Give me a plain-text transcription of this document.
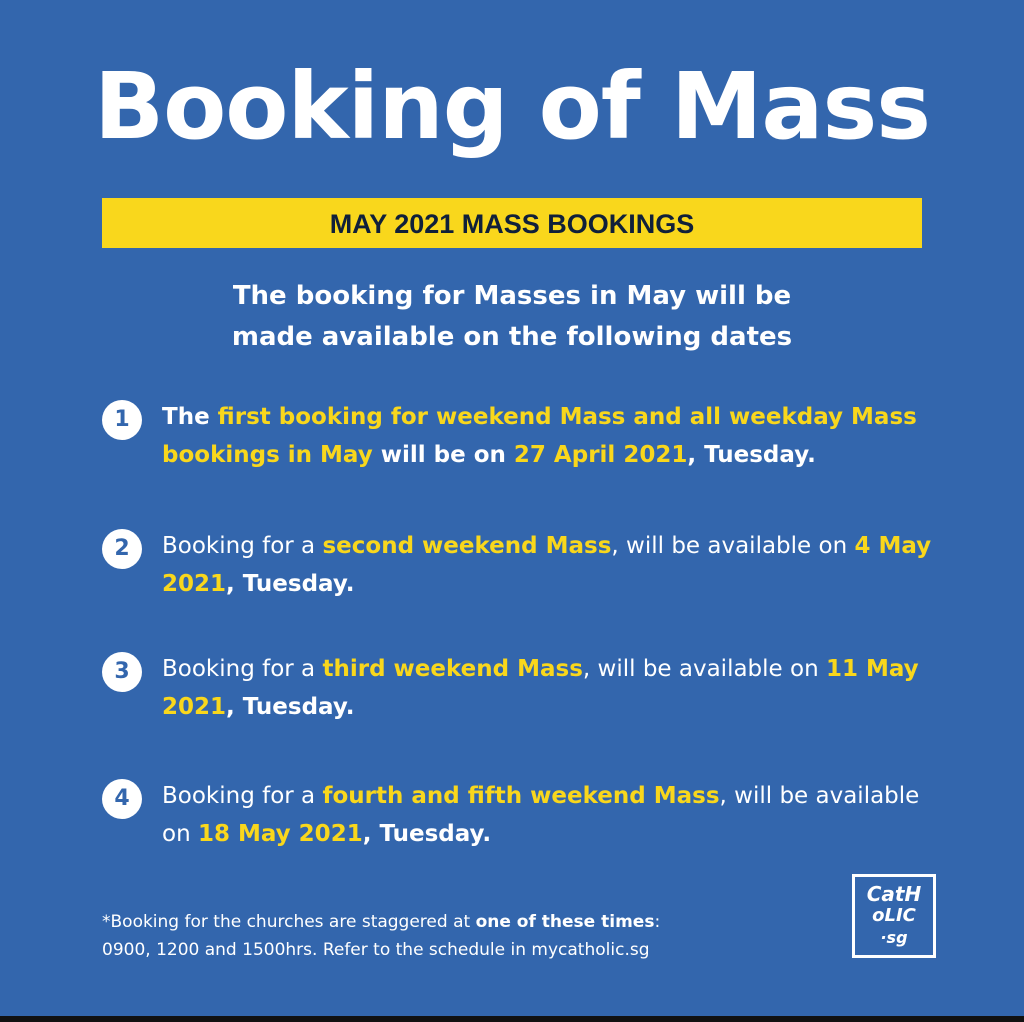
Booking of Mass
MAY 2021 MASS BOOKINGS
The booking for Masses in May will be
made available on the following dates
1	The first booking for weekend Mass and all weekday Mass bookings in May will be on 27 April 2021, Tuesday.
2	Booking for a second weekend Mass, will be available on 4 May 2021, Tuesday.
3	Booking for a third weekend Mass, will be available on 11 May 2021, Tuesday.
4	Booking for a fourth and fifth weekend Mass, will be available on 18 May 2021, Tuesday.
*Booking for the churches are staggered at one of these times:
0900, 1200 and 1500hrs. Refer to the schedule in mycatholic.sg
CatH
oLIC
·sg
